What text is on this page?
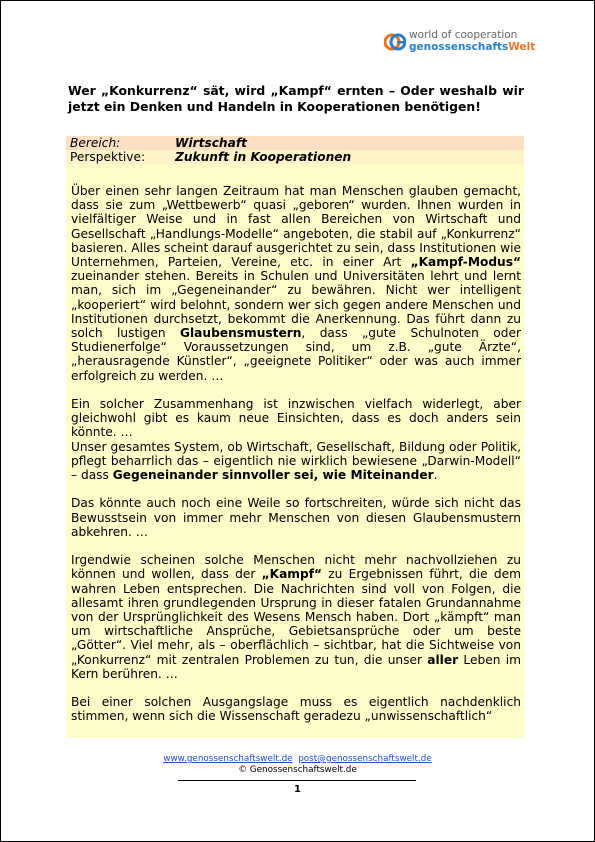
world of cooperation
genossenschaftsWelt
Wer „Konkurrenz“ sät, wird „Kampf“ ernten – Oder weshalb wir jetzt ein Denken und Handeln in Kooperationen benötigen!
Bereich:	Wirtschaft
Perspektive:	Zukunft in Kooperationen

Über einen sehr langen Zeitraum hat man Menschen glauben gemacht, dass sie zum „Wettbewerb“ quasi „geboren“ wurden. Ihnen wurden in vielfältiger Weise und in fast allen Bereichen von Wirtschaft und Gesellschaft „Handlungs-Modelle“ angeboten, die stabil auf „Konkurrenz“ basieren. Alles scheint darauf ausgerichtet zu sein, dass Institutionen wie Unternehmen, Parteien, Vereine, etc. in einer Art „Kampf-Modus“ zueinander stehen. Bereits in Schulen und Universitäten lehrt und lernt man, sich im „Gegeneinander“ zu bewähren. Nicht wer intelligent „kooperiert“ wird belohnt, sondern wer sich gegen andere Menschen und Institutionen durchsetzt, bekommt die Anerkennung. Das führt dann zu solch lustigen Glaubensmustern, dass „gute Schulnoten oder Studienerfolge“ Voraussetzungen sind, um z.B. „gute Ärzte“, „herausragende Künstler“, „geeignete Politiker“ oder was auch immer erfolgreich zu werden. …

Ein solcher Zusammenhang ist inzwischen vielfach widerlegt, aber gleichwohl gibt es kaum neue Einsichten, dass es doch anders sein könnte. …
Unser gesamtes System, ob Wirtschaft, Gesellschaft, Bildung oder Politik, pflegt beharrlich das – eigentlich nie wirklich bewiesene „Darwin-Modell“ – dass Gegeneinander sinnvoller sei, wie Miteinander.

Das könnte auch noch eine Weile so fortschreiten, würde sich nicht das Bewusstsein von immer mehr Menschen von diesen Glaubensmustern abkehren. …

Irgendwie scheinen solche Menschen nicht mehr nachvollziehen zu können und wollen, dass der „Kampf“ zu Ergebnissen führt, die dem wahren Leben entsprechen. Die Nachrichten sind voll von Folgen, die allesamt ihren grundlegenden Ursprung in dieser fatalen Grundannahme von der Ursprünglichkeit des Wesens Mensch haben. Dort „kämpft“ man um wirtschaftliche Ansprüche, Gebietsansprüche oder um beste „Götter“. Viel mehr, als – oberflächlich – sichtbar, hat die Sichtweise von „Konkurrenz“ mit zentralen Problemen zu tun, die unser aller Leben im Kern berühren. …

Bei einer solchen Ausgangslage muss es eigentlich nachdenklich stimmen, wenn sich die Wissenschaft geradezu „unwissenschaftlich“

www.genossenschaftswelt.de post@genossenschaftswelt.de
© Genossenschaftswelt.de
1
